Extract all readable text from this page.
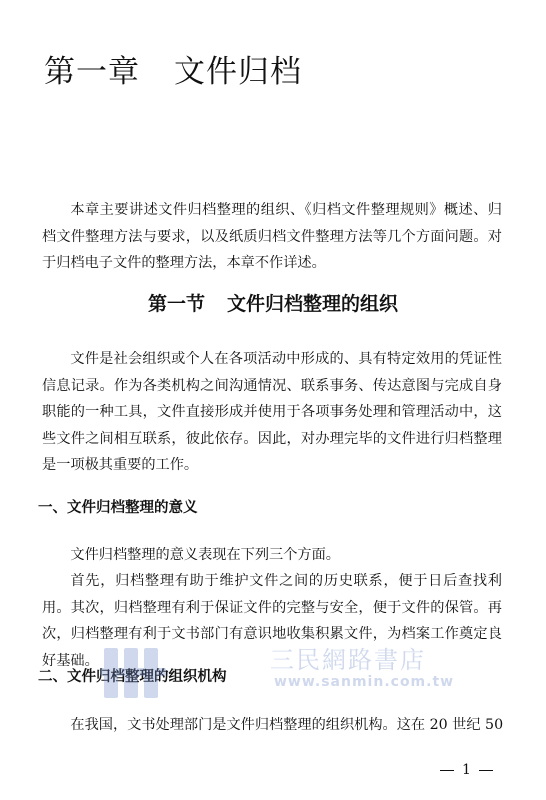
第一章 文件归档

本章主要讲述文件归档整理的组织、《归档文件整理规则》概述、归档文件整理方法与要求，以及纸质归档文件整理方法等几个方面问题。对于归档电子文件的整理方法，本章不作详述。

第一节 文件归档整理的组织

文件是社会组织或个人在各项活动中形成的、具有特定效用的凭证性信息记录。作为各类机构之间沟通情况、联系事务、传达意图与完成自身职能的一种工具，文件直接形成并使用于各项事务处理和管理活动中，这些文件之间相互联系，彼此依存。因此，对办理完毕的文件进行归档整理是一项极其重要的工作。

一、文件归档整理的意义

文件归档整理的意义表现在下列三个方面。

首先，归档整理有助于维护文件之间的历史联系，便于日后查找利用。其次，归档整理有利于保证文件的完整与安全，便于文件的保管。再次，归档整理有利于文书部门有意识地收集积累文件，为档案工作奠定良好基础。

二、文件归档整理的组织机构

在我国，文书处理部门是文件归档整理的组织机构。这在 20 世纪 50

三民網路書店
www.sanmin.com.tw
1
